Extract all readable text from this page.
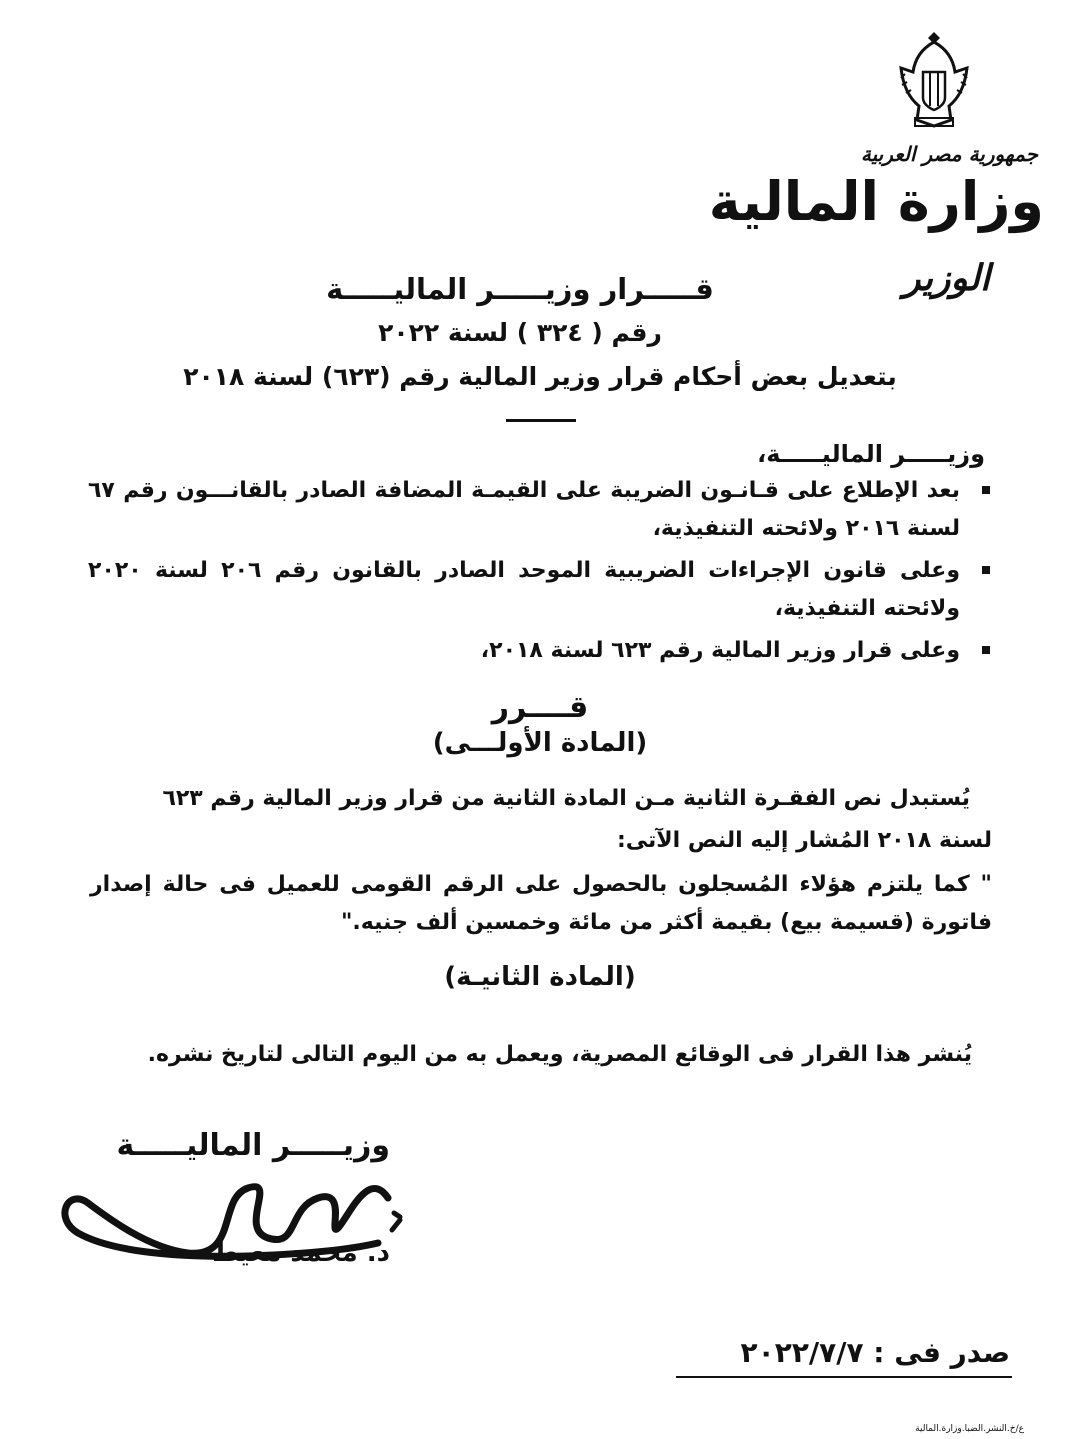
جمهورية مصر العربية
وزارة المالية
الوزير
قـــــرار وزيـــــر الماليـــــة
رقم ( ٣٢٤ ) لسنة ٢٠٢٢
بتعديل بعض أحكام قرار وزير المالية رقم (٦٢٣) لسنة ٢٠١٨
وزيـــــر الماليـــــة،
بعد الإطلاع على قـانـون الضريبة على القيمـة المضافة الصادر بالقانـــون رقم ٦٧ لسنة ٢٠١٦ ولائحته التنفيذية،
وعلى قانون الإجراءات الضريبية الموحد الصادر بالقانون رقم ٢٠٦ لسنة ٢٠٢٠ ولائحته التنفيذية،
وعلى قرار وزير المالية رقم ٦٢٣ لسنة ٢٠١٨،
قــــرر
(المادة الأولـــى)
يُستبدل نص الفقـرة الثانية مـن المادة الثانية من قرار وزير المالية رقم ٦٢٣
لسنة ٢٠١٨ المُشار إليه النص الآتى:
" كما يلتزم هؤلاء المُسجلون بالحصول على الرقم القومى للعميل فى حالة إصدار فاتورة (قسيمة بيع) بقيمة أكثر من مائة وخمسين ألف جنيه."
(المادة الثانيـة)
يُنشر هذا القرار فى الوقائع المصرية، ويعمل به من اليوم التالى لتاريخ نشره.
وزيـــــر الماليـــــة
د. محمد معيط
صدر فى : ٢٠٢٢/٧/٧
ع/خ.النشر.الضبا.وزارة.المالية
